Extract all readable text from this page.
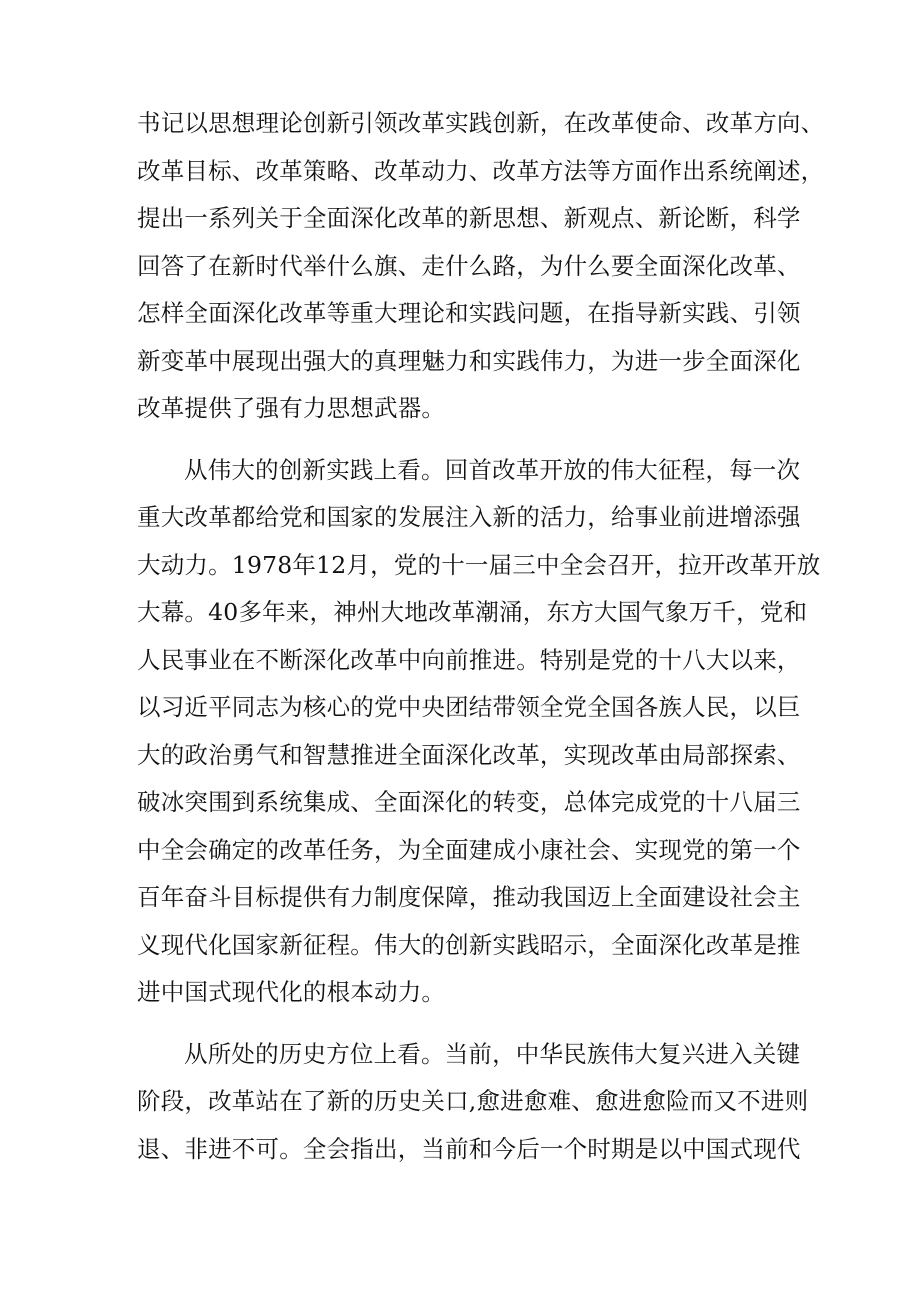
书记以思想理论创新引领改革实践创新，在改革使命、改革方向、
改革目标、改革策略、改革动力、改革方法等方面作出系统阐述，
提出一系列关于全面深化改革的新思想、新观点、新论断，科学
回答了在新时代举什么旗、走什么路，为什么要全面深化改革、
怎样全面深化改革等重大理论和实践问题，在指导新实践、引领
新变革中展现出强大的真理魅力和实践伟力，为进一步全面深化
改革提供了强有力思想武器。
从伟大的创新实践上看。回首改革开放的伟大征程，每一次
重大改革都给党和国家的发展注入新的活力，给事业前进增添强
大动力。1978年12月，党的十一届三中全会召开，拉开改革开放
大幕。40多年来，神州大地改革潮涌，东方大国气象万千，党和
人民事业在不断深化改革中向前推进。特别是党的十八大以来，
以习近平同志为核心的党中央团结带领全党全国各族人民，以巨
大的政治勇气和智慧推进全面深化改革，实现改革由局部探索、
破冰突围到系统集成、全面深化的转变，总体完成党的十八届三
中全会确定的改革任务，为全面建成小康社会、实现党的第一个
百年奋斗目标提供有力制度保障，推动我国迈上全面建设社会主
义现代化国家新征程。伟大的创新实践昭示，全面深化改革是推
进中国式现代化的根本动力。
从所处的历史方位上看。当前，中华民族伟大复兴进入关键
阶段，改革站在了新的历史关口,愈进愈难、愈进愈险而又不进则
退、非进不可。全会指出，当前和今后一个时期是以中国式现代
